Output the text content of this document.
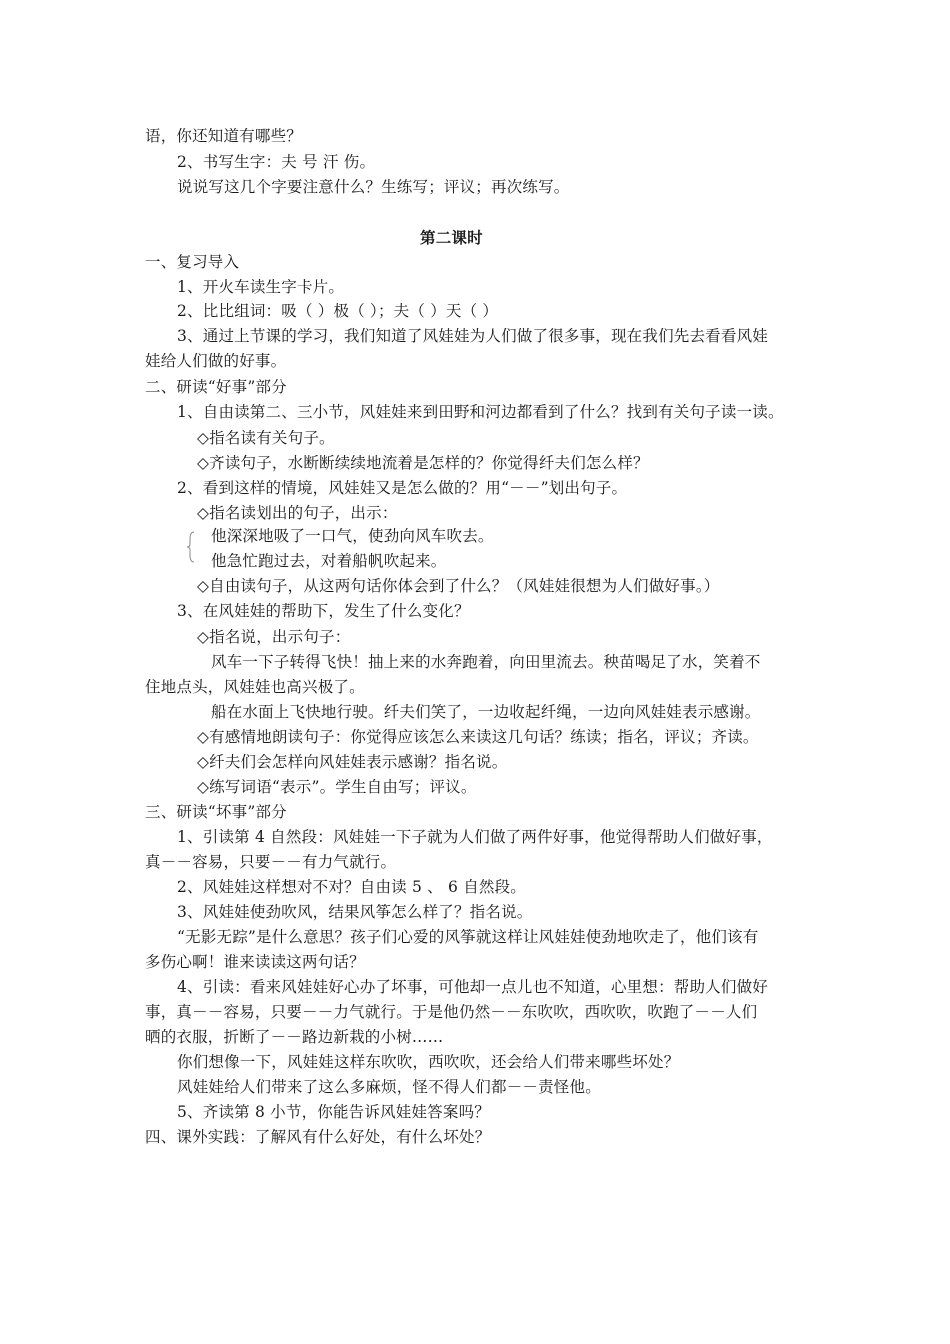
语，你还知道有哪些？
2、书写生字：夫 号 汗 伤。
说说写这几个字要注意什么？生练写；评议；再次练写。
第二课时
一、复习导入
1、开火车读生字卡片。
2、比比组词：吸（ ）极（ ）；夫（ ）天（ ）
3、通过上节课的学习，我们知道了风娃娃为人们做了很多事，现在我们先去看看风娃
娃给人们做的好事。
二、研读“好事”部分
1、自由读第二、三小节，风娃娃来到田野和河边都看到了什么？找到有关句子读一读。
◇指名读有关句子。
◇齐读句子，水断断续续地流着是怎样的？你觉得纤夫们怎么样？
2、看到这样的情境，风娃娃又是怎么做的？用“－－”划出句子。
◇指名读划出的句子，出示：
他深深地吸了一口气，使劲向风车吹去。
他急忙跑过去，对着船帆吹起来。
◇自由读句子，从这两句话你体会到了什么？（风娃娃很想为人们做好事。）
3、在风娃娃的帮助下，发生了什么变化？
◇指名说，出示句子：
风车一下子转得飞快！抽上来的水奔跑着，向田里流去。秧苗喝足了水，笑着不
住地点头，风娃娃也高兴极了。
船在水面上飞快地行驶。纤夫们笑了，一边收起纤绳，一边向风娃娃表示感谢。
◇有感情地朗读句子：你觉得应该怎么来读这几句话？练读；指名，评议；齐读。
◇纤夫们会怎样向风娃娃表示感谢？指名说。
◇练写词语“表示”。学生自由写；评议。
三、研读“坏事”部分
1、引读第 4 自然段：风娃娃一下子就为人们做了两件好事，他觉得帮助人们做好事，
真－－容易，只要－－有力气就行。
2、风娃娃这样想对不对？自由读 5 、 6 自然段。
3、风娃娃使劲吹风，结果风筝怎么样了？指名说。
“无影无踪”是什么意思？孩子们心爱的风筝就这样让风娃娃使劲地吹走了，他们该有
多伤心啊！谁来读读这两句话？
4、引读：看来风娃娃好心办了坏事，可他却一点儿也不知道，心里想：帮助人们做好
事，真－－容易，只要－－力气就行。于是他仍然－－东吹吹，西吹吹，吹跑了－－人们
晒的衣服，折断了－－路边新栽的小树……
你们想像一下，风娃娃这样东吹吹，西吹吹，还会给人们带来哪些坏处？
风娃娃给人们带来了这么多麻烦，怪不得人们都－－责怪他。
5、齐读第 8 小节，你能告诉风娃娃答案吗？
四、课外实践：了解风有什么好处，有什么坏处？
